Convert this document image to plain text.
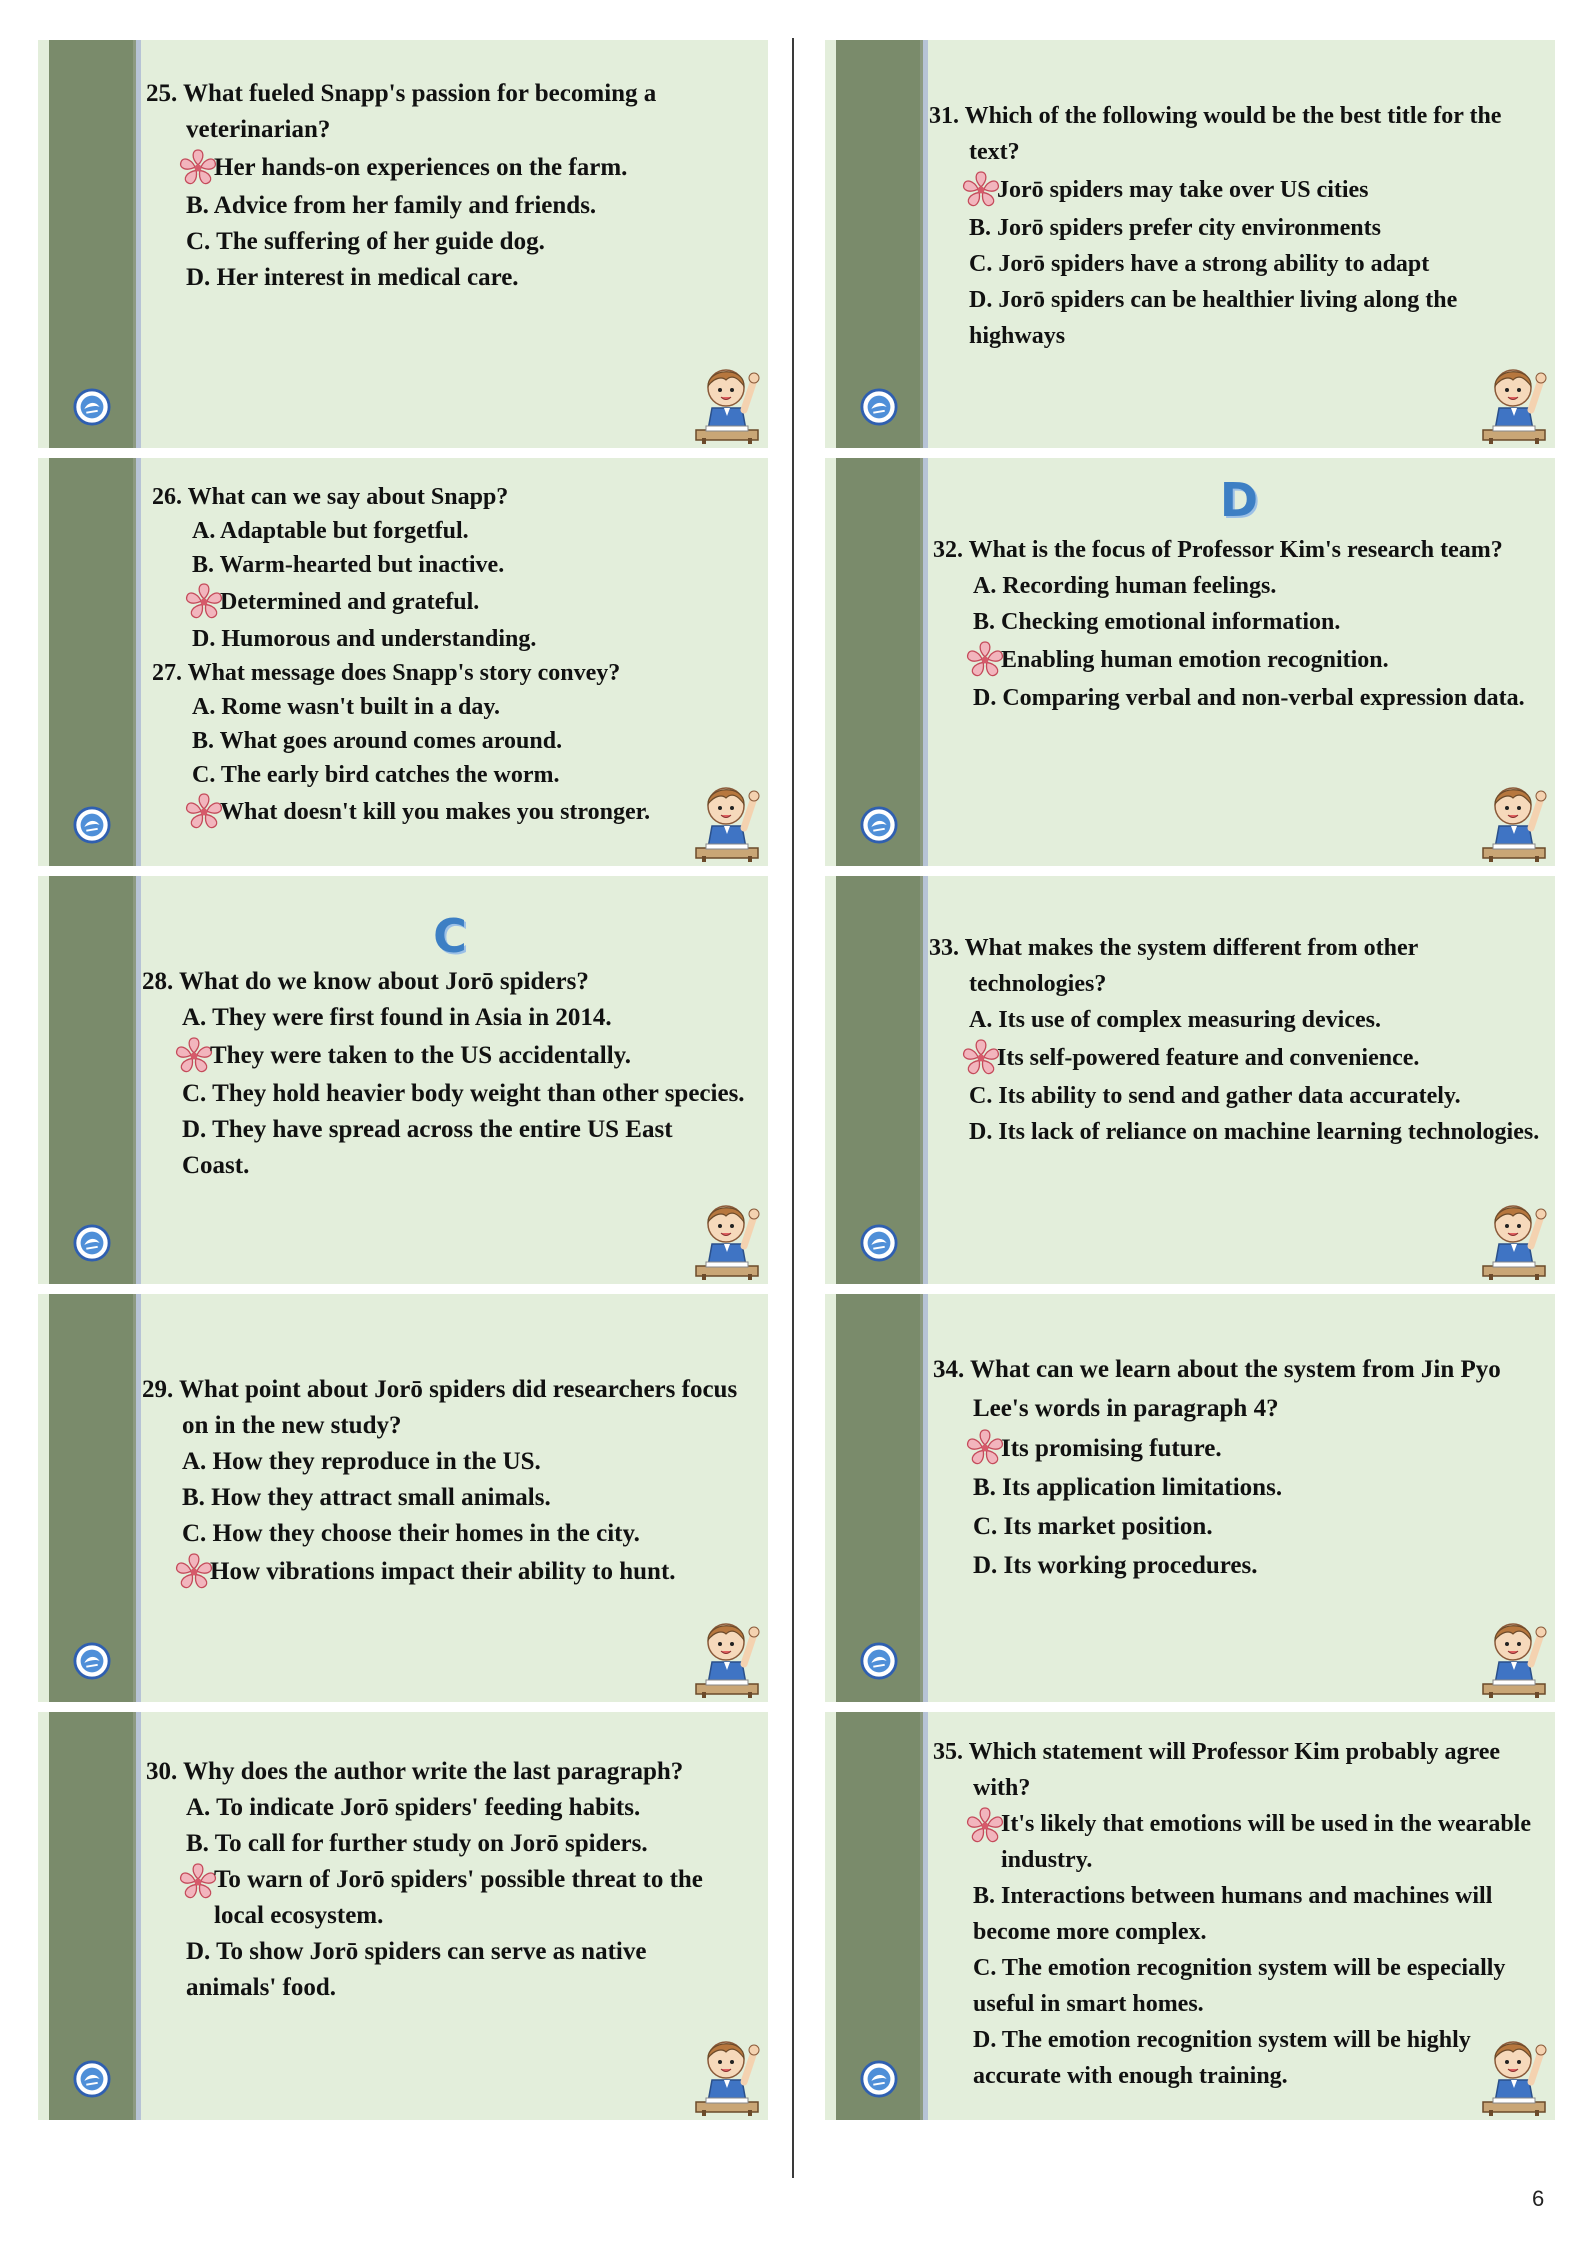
25. What fueled Snapp's passion for becoming a veterinarian?

Her hands-on experiences on the farm.

B. Advice from her family and friends.

C. The suffering of her guide dog.

D. Her interest in medical care.

26. What can we say about Snapp?

A. Adaptable but forgetful.

B. Warm-hearted but inactive.

Determined and grateful.

D. Humorous and understanding.

27. What message does Snapp's story convey?

A. Rome wasn't built in a day.

B. What goes around comes around.

C. The early bird catches the worm.

What doesn't kill you makes you stronger.

C

28. What do we know about Jorō spiders?

A. They were first found in Asia in 2014.

They were taken to the US accidentally.

C. They hold heavier body weight than other species.

D. They have spread across the entire US East Coast.

29. What point about Jorō spiders did researchers focus on in the new study?

A. How they reproduce in the US.

B. How they attract small animals.

C. How they choose their homes in the city.

How vibrations impact their ability to hunt.

30. Why does the author write the last paragraph?

A. To indicate Jorō spiders' feeding habits.

B. To call for further study on Jorō spiders.

To warn of Jorō spiders' possible threat to the local ecosystem.

D. To show Jorō spiders can serve as native animals' food.

31. Which of the following would be the best title for the text?

Jorō spiders may take over US cities

B. Jorō spiders prefer city environments

C. Jorō spiders have a strong ability to adapt

D. Jorō spiders can be healthier living along the highways

D

32. What is the focus of Professor Kim's research team?

A. Recording human feelings.

B. Checking emotional information.

Enabling human emotion recognition.

D. Comparing verbal and non-verbal expression data.

33. What makes the system different from other technologies?

A. Its use of complex measuring devices.

Its self-powered feature and convenience.

C. Its ability to send and gather data accurately.

D. Its lack of reliance on machine learning technologies.

34. What can we learn about the system from Jin Pyo Lee's words in paragraph 4?

Its promising future.

B. Its application limitations.

C. Its market position.

D. Its working procedures.

35. Which statement will Professor Kim probably agree with?

It's likely that emotions will be used in the wearable industry.

B. Interactions between humans and machines will become more complex.

C. The emotion recognition system will be especially useful in smart homes.

D. The emotion recognition system will be highly accurate with enough training.

6
